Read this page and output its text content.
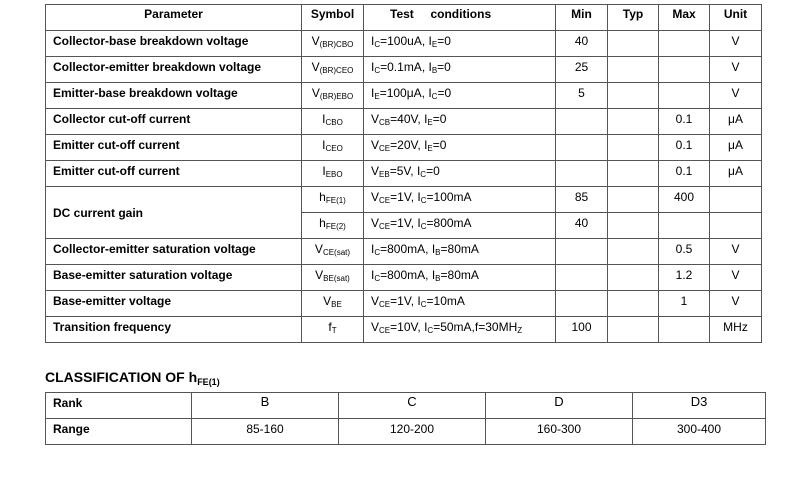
Parameter	Symbol	Test     conditions	Min	Typ	Max	Unit
Collector-base breakdown voltage	$V_{(BR)CBO}$	$I_C=100uA$, $I_E=0$	40			V
Collector-emitter breakdown voltage	$V_{(BR)CEO}$	$I_C=0.1mA$, $I_B=0$	25			V
Emitter-base breakdown voltage	$V_{(BR)EBO}$	$I_E=100\mu A$, $I_C=0$	5			V
Collector cut-off current	$I_{CBO}$	$V_{CB}=40V$, $I_E=0$			0.1	μA
Emitter cut-off current	$I_{CEO}$	$V_{CE}=20V$, $I_E=0$			0.1	μA
Emitter cut-off current	$I_{EBO}$	$V_{EB}=5V$, $I_C=0$			0.1	μA
DC current gain	$h_{FE(1)}$	$V_{CE}=1V$, $I_C=100mA$	85		400	
	$h_{FE(2)}$	$V_{CE}=1V$, $I_C=800mA$	40			
Collector-emitter saturation voltage	$V_{CE(sat)}$	$I_C=800mA$, $I_B=80mA$			0.5	V
Base-emitter saturation voltage	$V_{BE(sat)}$	$I_C=800mA$, $I_B=80mA$			1.2	V
Base-emitter voltage	$V_{BE}$	$V_{CE}=1V$, $I_C=10mA$			1	V
Transition frequency	$f_T$	$V_{CE}=10V$, $I_C=50mA,f=30MH_Z$	100			MHz
CLASSIFICATION OF $h_{FE(1)}$
Rank	B	C	D	D3
Range	85-160	120-200	160-300	300-400
